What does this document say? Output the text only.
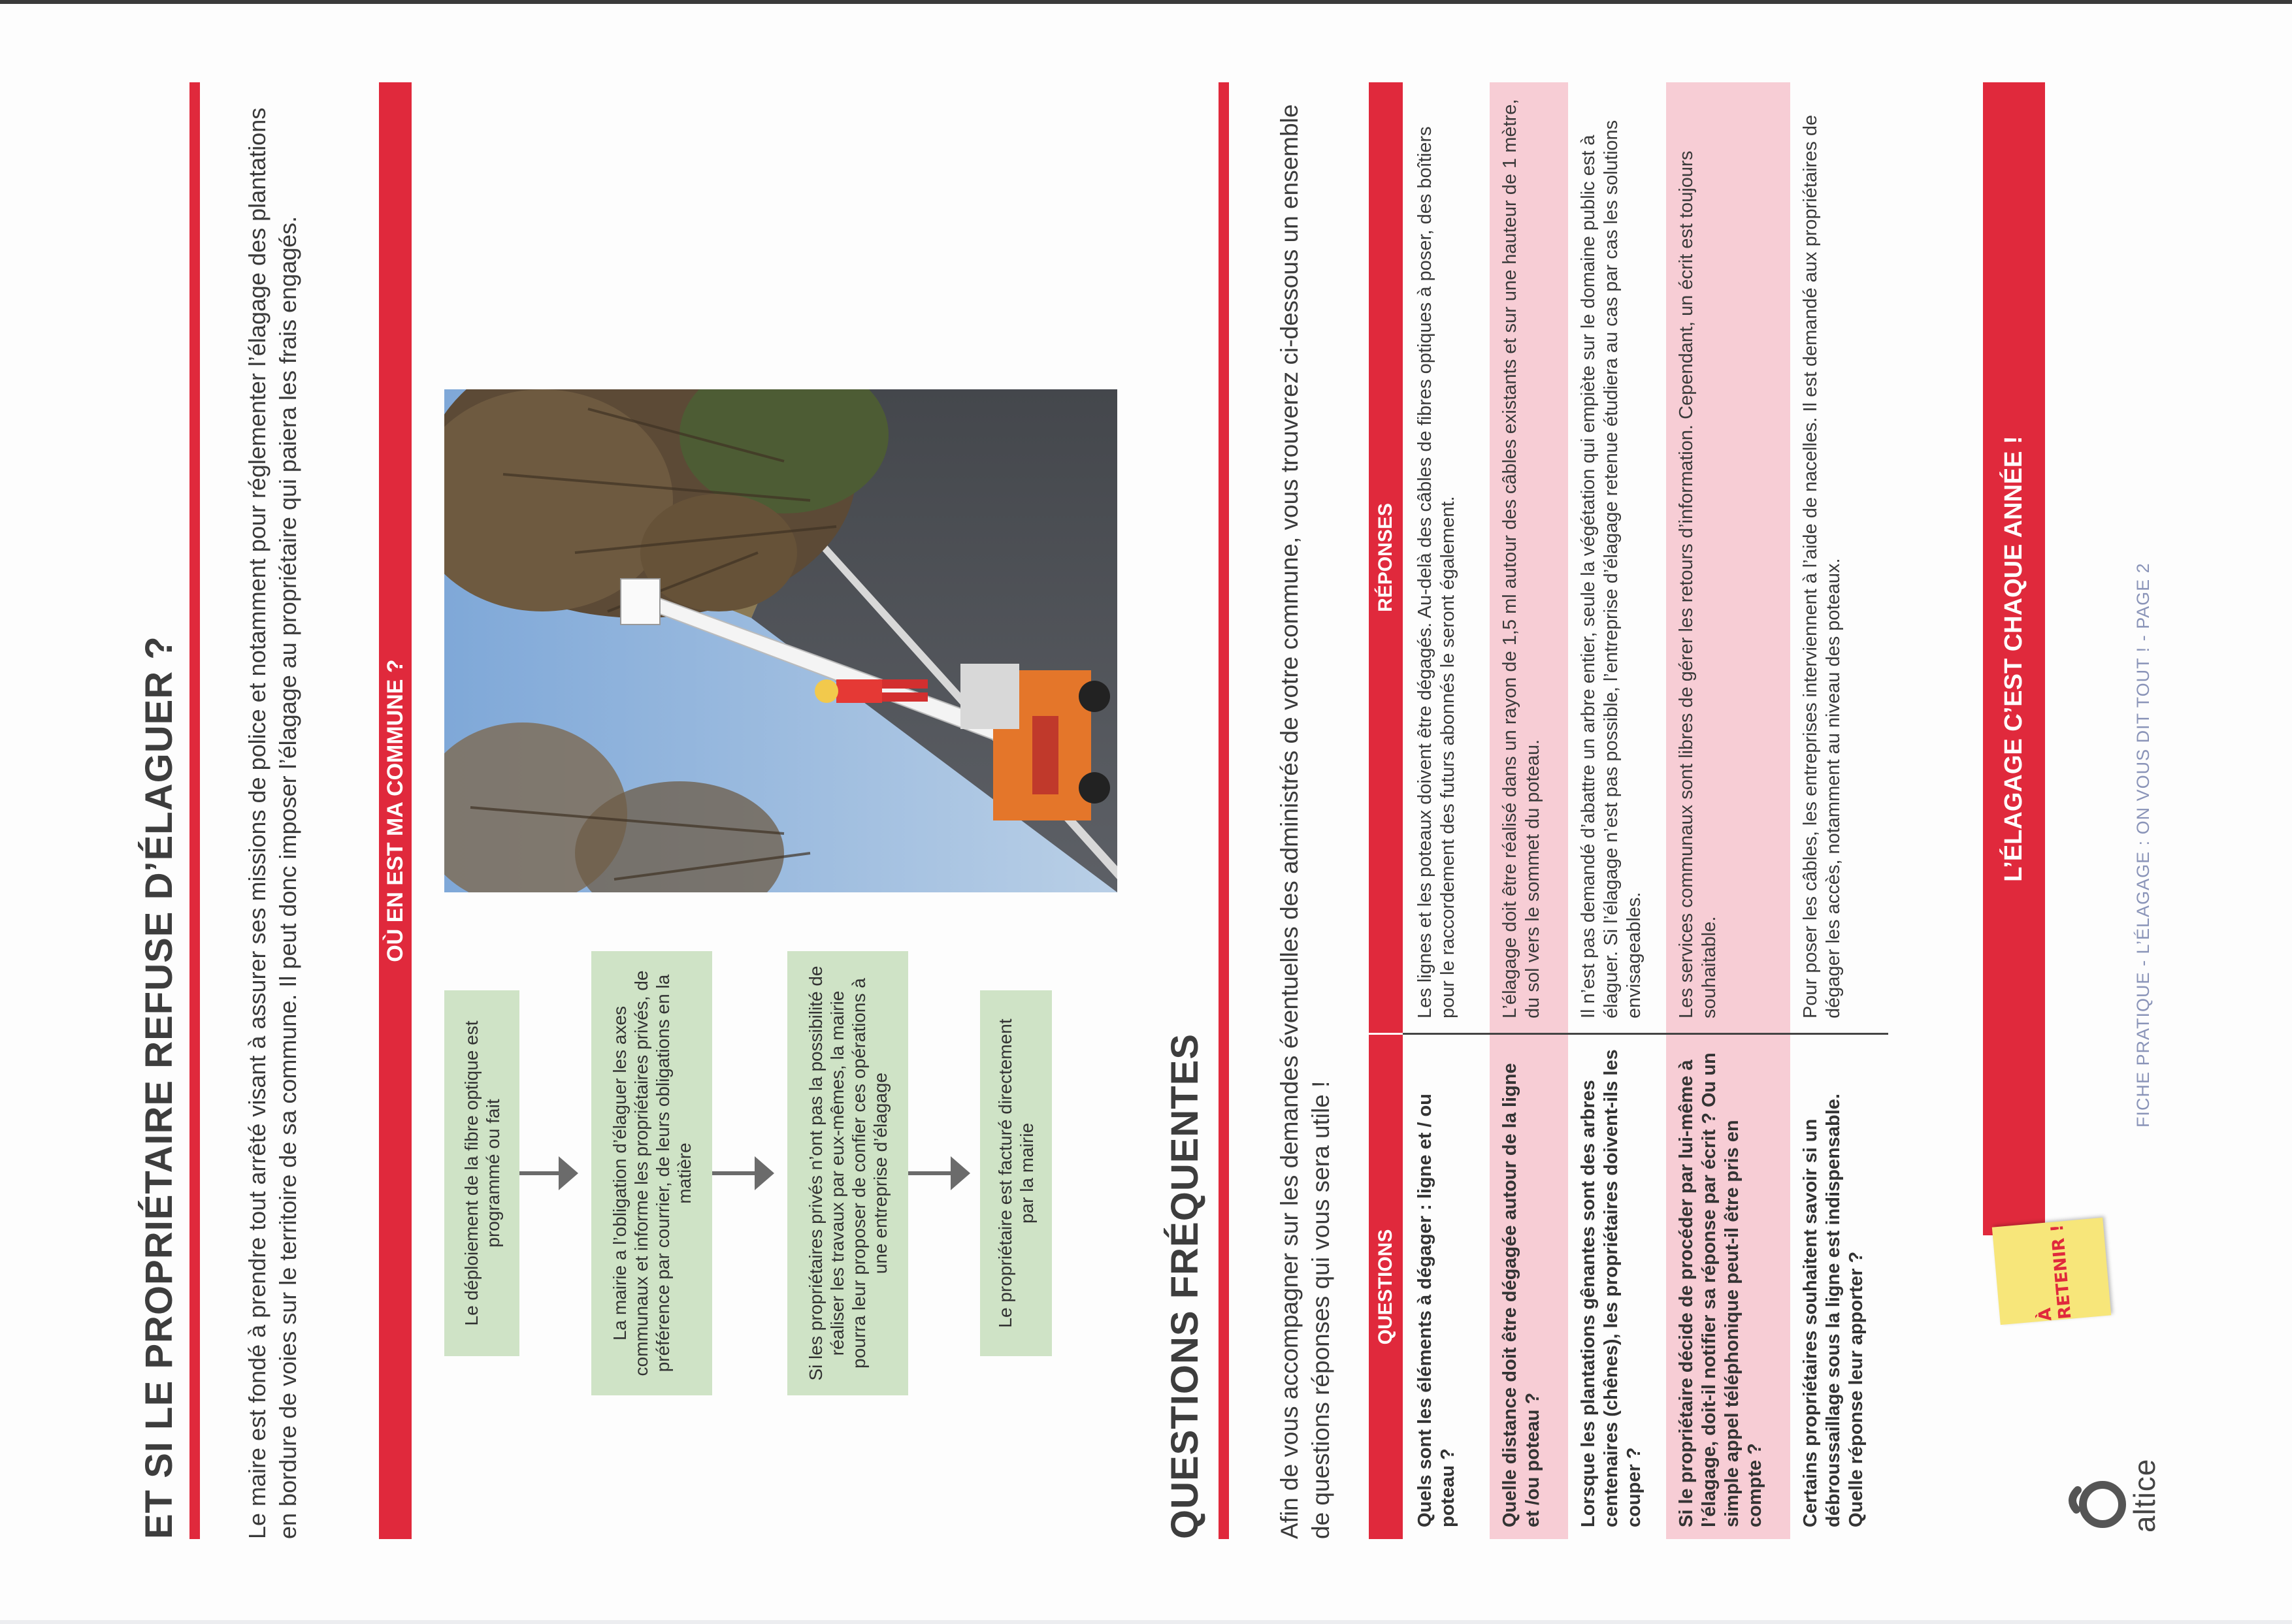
ET SI LE PROPRIÉTAIRE REFUSE D’ÉLAGUER ?	Le maire est fondé à prendre tout arrêté visant à assurer ses missions de police et notamment pour réglementer l’élagage des plantations en bordure de voies sur le territoire de sa commune. Il peut donc imposer l’élagage au propriétaire qui paiera les frais engagés.	OÙ EN EST MA COMMUNE ?
Le déploiement de la fibre optique est programmé ou fait	La mairie a l’obligation d’élaguer les axes communaux et informe les propriétaires privés, de préférence par courrier, de leurs obligations en la matière	Si les propriétaires privés n’ont pas la possibilité de réaliser les travaux par eux-mêmes, la mairie pourra leur proposer de confier ces opérations à une entreprise d’élagage	Le propriétaire est facturé directement par la mairie	QUESTIONS FRÉQUENTES	Afin de vous accompagner sur les demandes éventuelles des administrés de votre commune, vous trouverez ci-dessous un ensemble de questions réponses qui vous sera utile ! QUESTIONS
RÉPONSES
Quels sont les éléments à dégager : ligne et / ou poteau ?
Les lignes et les poteaux doivent être dégagés. Au-delà des câbles de fibres optiques à poser, des boîtiers pour le raccordement des futurs abonnés le seront également.
Quelle distance doit être dégagée autour de la ligne et /ou poteau ?
L’élagage doit être réalisé dans un rayon de 1,5 ml autour des câbles existants et sur une hauteur de 1 mètre, du sol vers le sommet du poteau.
Lorsque les plantations gênantes sont des arbres centenaires (chênes), les propriétaires doivent-ils les couper ?
Il n’est pas demandé d’abattre un arbre entier, seule la végétation qui empiète sur le domaine public est à élaguer. Si l’élagage n’est pas possible, l’entreprise d’élagage retenue étudiera au cas par cas les solutions envisageables.
Si le propriétaire décide de procéder par lui-même à l’élagage, doit-il notifier sa réponse par écrit ? Ou un simple appel téléphonique peut-il être pris en compte ?
Les services communaux sont libres de gérer les retours d’information. Cependant, un écrit est toujours souhaitable.
Certains propriétaires souhaitent savoir si un débroussaillage sous la ligne est indispensable. Quelle réponse leur apporter ?
Pour poser les câbles, les entreprises interviennent à l’aide de nacelles. Il est demandé aux propriétaires de dégager les accès, notamment au niveau des poteaux.	L’ÉLAGAGE C’EST CHAQUE ANNÉE !
À RETENIR !
altice
FICHE PRATIQUE - L’ÉLAGAGE : ON VOUS DIT TOUT ! - PAGE 2
